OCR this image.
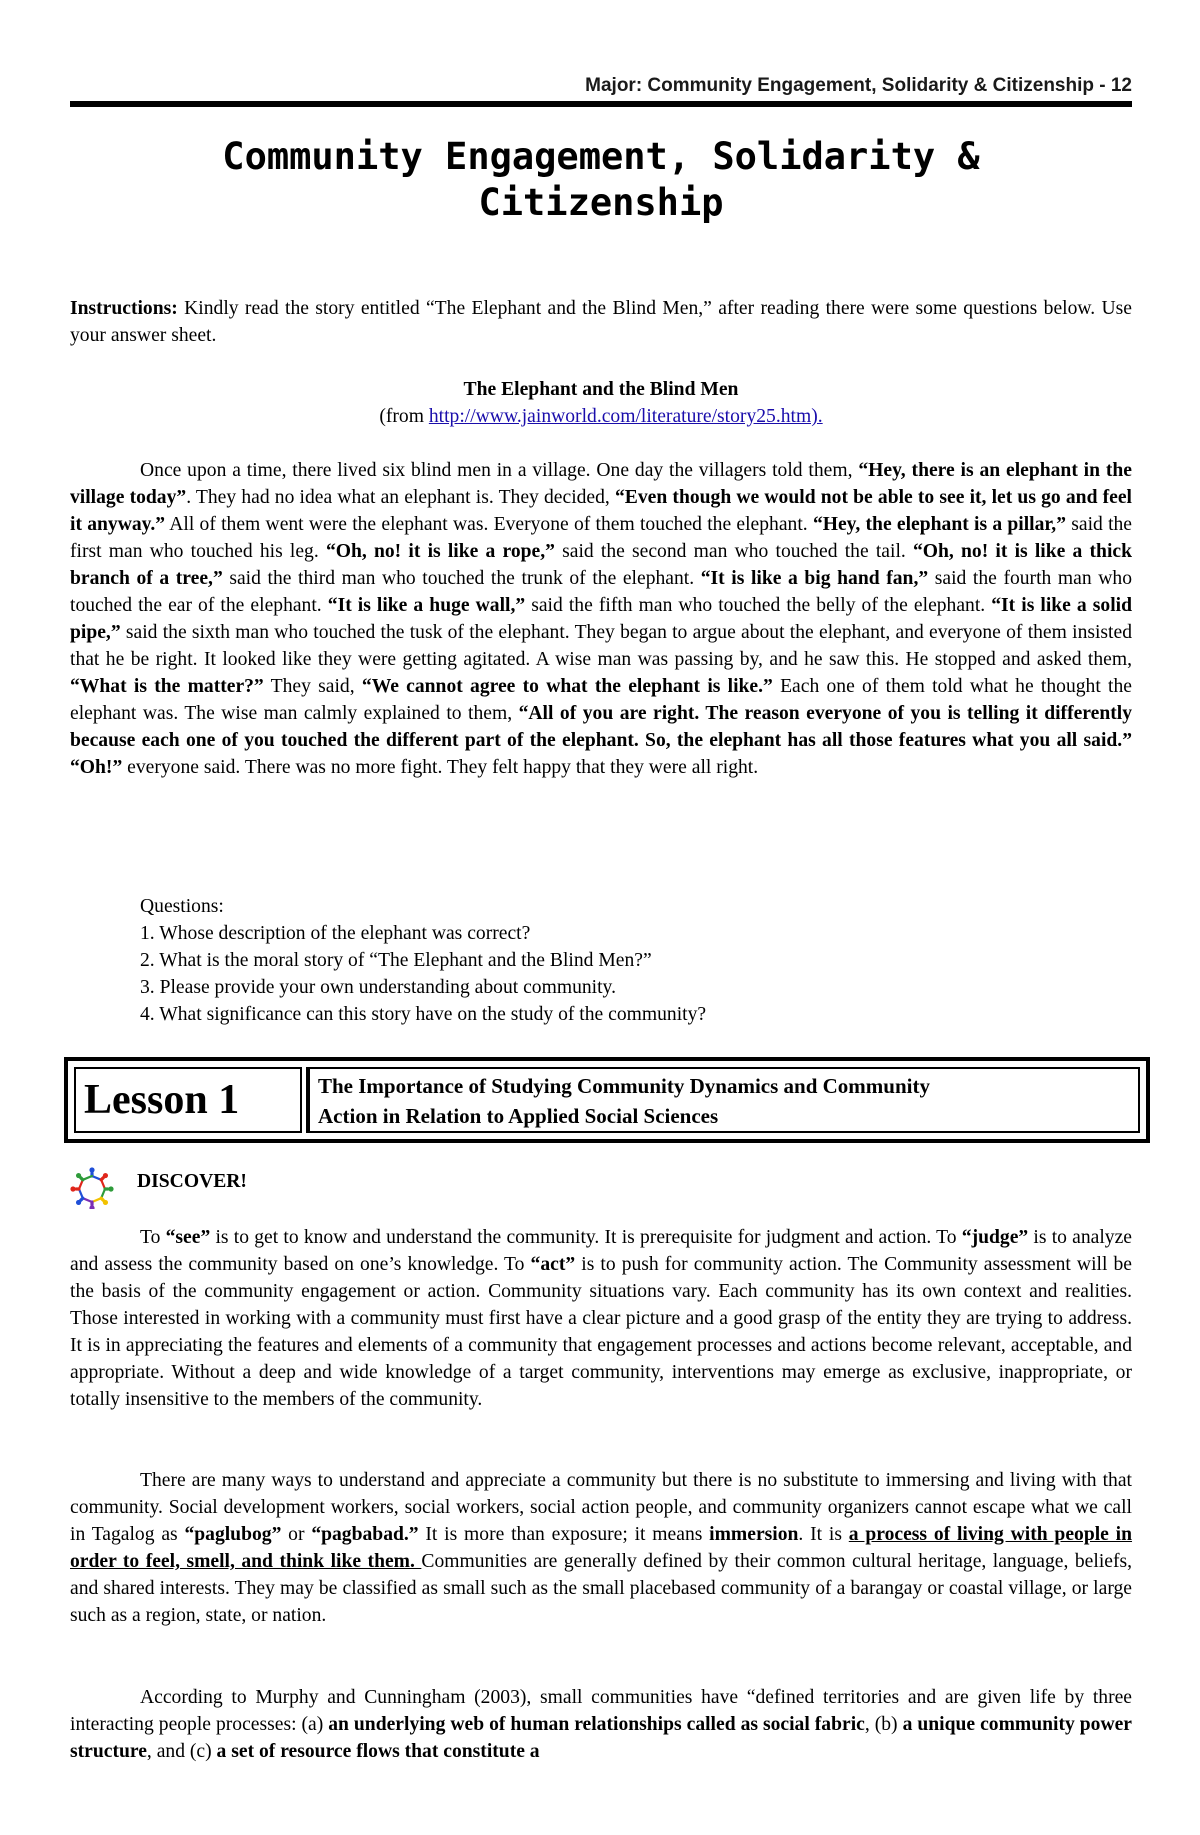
Major: Community Engagement, Solidarity & Citizenship - 12
Community Engagement, Solidarity &
Citizenship
Instructions: Kindly read the story entitled “The Elephant and the Blind Men,” after reading there were some questions below. Use your answer sheet.
The Elephant and the Blind Men
(from http://www.jainworld.com/literature/story25.htm).
Once upon a time, there lived six blind men in a village. One day the villagers told them, “Hey, there is an elephant in the village today”. They had no idea what an elephant is. They decided, “Even though we would not be able to see it, let us go and feel it anyway.” All of them went were the elephant was. Everyone of them touched the elephant. “Hey, the elephant is a pillar,” said the first man who touched his leg. “Oh, no! it is like a rope,” said the second man who touched the tail. “Oh, no! it is like a thick branch of a tree,” said the third man who touched the trunk of the elephant. “It is like a big hand fan,” said the fourth man who touched the ear of the elephant. “It is like a huge wall,” said the fifth man who touched the belly of the elephant. “It is like a solid pipe,” said the sixth man who touched the tusk of the elephant. They began to argue about the elephant, and everyone of them insisted that he be right. It looked like they were getting agitated. A wise man was passing by, and he saw this. He stopped and asked them, “What is the matter?” They said, “We cannot agree to what the elephant is like.” Each one of them told what he thought the elephant was. The wise man calmly explained to them, “All of you are right. The reason everyone of you is telling it differently because each one of you touched the different part of the elephant. So, the elephant has all those features what you all said.” “Oh!” everyone said. There was no more fight. They felt happy that they were all right.
Questions:
1. Whose description of the elephant was correct?
2. What is the moral story of “The Elephant and the Blind Men?”
3. Please provide your own understanding about community.
4. What significance can this story have on the study of the community?
Lesson 1	The Importance of Studying Community Dynamics and Community
Action in Relation to Applied Social Sciences
DISCOVER!
To “see” is to get to know and understand the community. It is prerequisite for judgment and action. To “judge” is to analyze and assess the community based on one’s knowledge. To “act” is to push for community action. The Community assessment will be the basis of the community engagement or action. Community situations vary. Each community has its own context and realities. Those interested in working with a community must first have a clear picture and a good grasp of the entity they are trying to address. It is in appreciating the features and elements of a community that engagement processes and actions become relevant, acceptable, and appropriate. Without a deep and wide knowledge of a target community, interventions may emerge as exclusive, inappropriate, or totally insensitive to the members of the community.
There are many ways to understand and appreciate a community but there is no substitute to immersing and living with that community. Social development workers, social workers, social action people, and community organizers cannot escape what we call in Tagalog as “paglubog” or “pagbabad.” It is more than exposure; it means immersion. It is a process of living with people in order to feel, smell, and think like them. Communities are generally defined by their common cultural heritage, language, beliefs, and shared interests. They may be classified as small such as the small placebased community of a barangay or coastal village, or large such as a region, state, or nation.
According to Murphy and Cunningham (2003), small communities have “defined territories and are given life by three interacting people processes: (a) an underlying web of human relationships called as social fabric, (b) a unique community power structure, and (c) a set of resource flows that constitute a
